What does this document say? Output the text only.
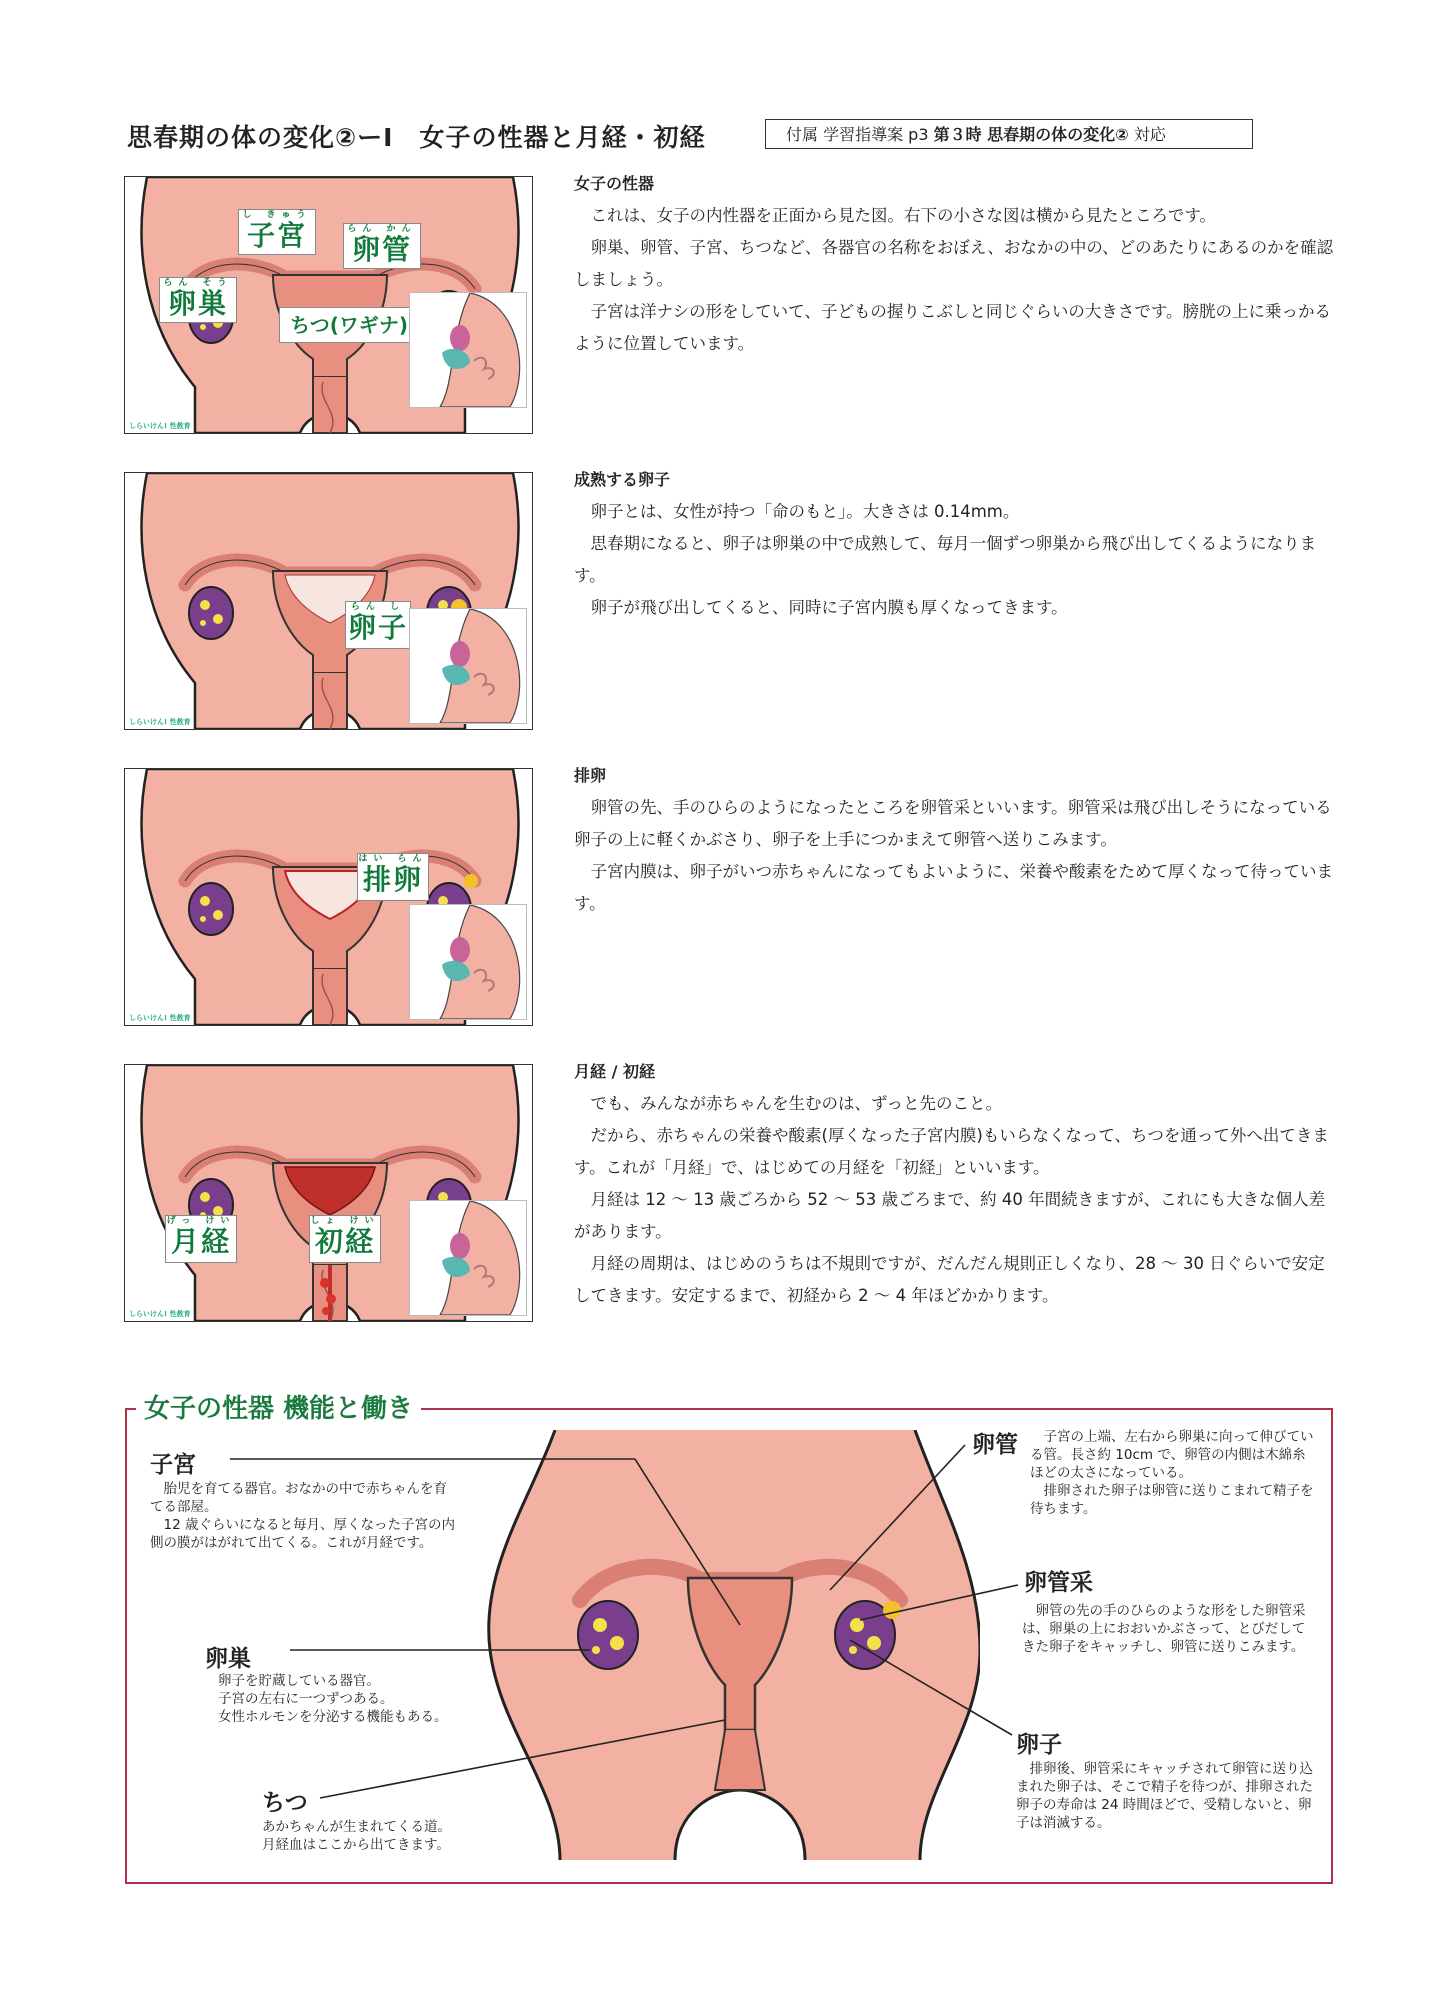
思春期の体の変化②ーⅠ　女子の性器と月経・初経	付属 学習指導案 p3 第３時 思春期の体の変化② 対応
し きゅう
子宮	らん かん
卵管
らん そう
卵巣
ちつ(ワギナ)
しらいけん! 性教育
らん し
卵子
しらいけん! 性教育
はい らん
排卵
しらいけん! 性教育
げっ けい
月経
しょ けい
初経
しらいけん! 性教育
女子の性器

これは、女子の内性器を正面から見た図。右下の小さな図は横から見たところです。

卵巣、卵管、子宮、ちつなど、各器官の名称をおぼえ、おなかの中の、どのあたりにあるのかを確認しましょう。

子宮は洋ナシの形をしていて、子どもの握りこぶしと同じぐらいの大きさです。膀胱の上に乗っかるように位置しています。

成熟する卵子

卵子とは、女性が持つ「命のもと」。大きさは 0.14mm。

思春期になると、卵子は卵巣の中で成熟して、毎月一個ずつ卵巣から飛び出してくるようになります。

卵子が飛び出してくると、同時に子宮内膜も厚くなってきます。

排卵

卵管の先、手のひらのようになったところを卵管采といいます。卵管采は飛び出しそうになっている卵子の上に軽くかぶさり、卵子を上手につかまえて卵管へ送りこみます。

子宮内膜は、卵子がいつ赤ちゃんになってもよいように、栄養や酸素をためて厚くなって待っています。

月経 / 初経

でも、みんなが赤ちゃんを生むのは、ずっと先のこと。

だから、赤ちゃんの栄養や酸素(厚くなった子宮内膜)もいらなくなって、ちつを通って外へ出てきます。これが「月経」で、はじめての月経を「初経」といいます。

月経は 12 ～ 13 歳ごろから 52 ～ 53 歳ごろまで、約 40 年間続きますが、これにも大きな個人差があります。

月経の周期は、はじめのうちは不規則ですが、だんだん規則正しくなり、28 ～ 30 日ぐらいで安定してきます。安定するまで、初経から 2 ～ 4 年ほどかかります。

女子の性器 機能と働き
子宮

胎児を育てる器官。おなかの中で赤ちゃんを育てる部屋。

12 歳ぐらいになると毎月、厚くなった子宮の内側の膜がはがれて出てくる。これが月経です。

卵巣

卵子を貯蔵している器官。

子宮の左右に一つずつある。

女性ホルモンを分泌する機能もある。

ちつ

あかちゃんが生まれてくる道。

月経血はここから出てきます。

卵管	子宮の上端、左右から卵巣に向って伸びている管。長さ約 10cm で、卵管の内側は木綿糸ほどの太さになっている。

排卵された卵子は卵管に送りこまれて精子を待ちます。

卵管采

卵管の先の手のひらのような形をした卵管采は、卵巣の上におおいかぶさって、とびだしてきた卵子をキャッチし、卵管に送りこみます。

卵子

排卵後、卵管采にキャッチされて卵管に送り込まれた卵子は、そこで精子を待つが、排卵された卵子の寿命は 24 時間ほどで、受精しないと、卵子は消滅する。
